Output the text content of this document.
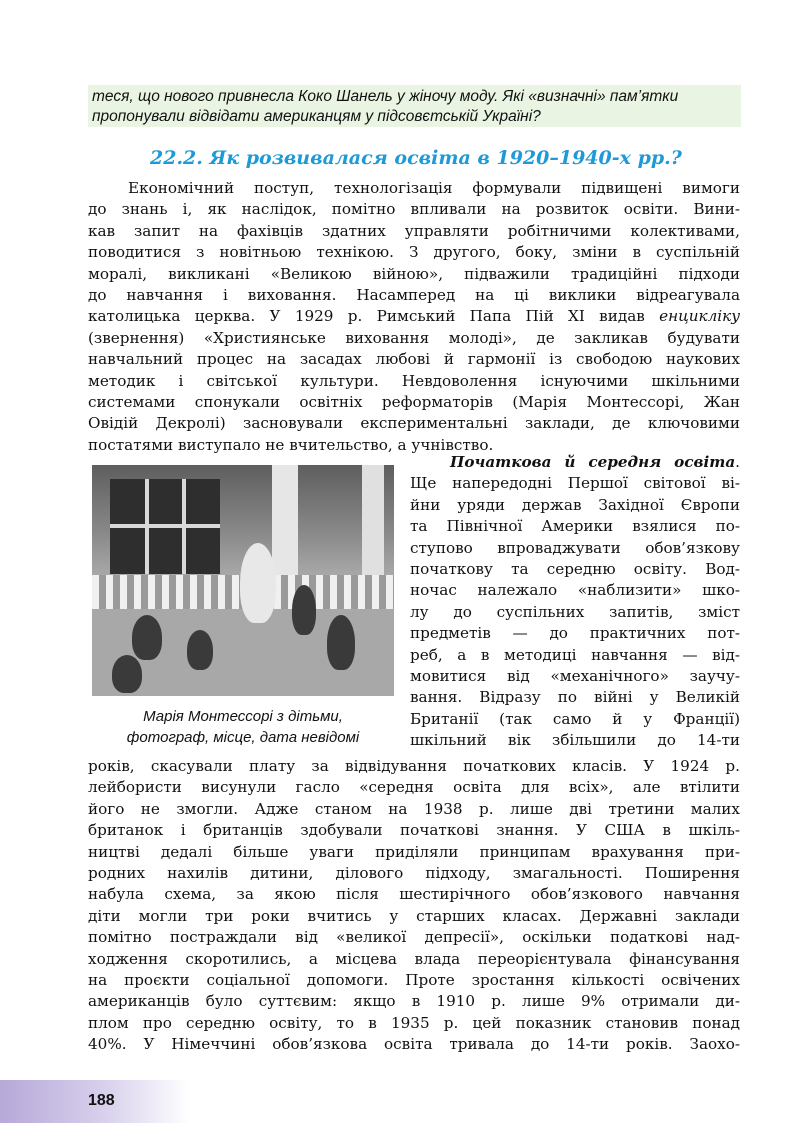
теся, що нового привнесла Коко Шанель у жіночу моду. Які «визначні» пам’ятки
пропонували відвідати американцям у підсовєтській Україні?
22.2. Як розвивалася освіта в 1920–1940-х рр.?
Економічний поступ, технологізація формували підвищені вимоги
до знань і, як наслідок, помітно впливали на розвиток освіти. Вини-
кав запит на фахівців здатних управляти робітничими колективами,
поводитися з новітньою технікою. З другого, боку, зміни в суспільній
моралі, викликані «Великою війною», підважили традиційні підходи
до навчання і виховання. Насамперед на ці виклики відреагувала
католицька церква. У 1929 р. Римський Папа Пій XI видав енцикліку
(звернення) «Християнське виховання молоді», де закликав будувати
навчальний процес на засадах любові й гармонії із свободою наукових
методик і світської культури. Невдоволення існуючими шкільними
системами спонукали освітніх реформаторів (Марія Монтессорі, Жан
Овідій Декролі) засновували експериментальні заклади, де ключовими
постатями виступало не вчительство, а учнівство.
Марія Монтессорі з дітьми,
фотограф, місце, дата невідомі
Початкова й середня освіта.
Ще напередодні Першої світової ві-
йни уряди держав Західної Європи
та Північної Америки взялися по-
ступово впроваджувати обов’язкову
початкову та середню освіту. Вод-
ночас належало «наблизити» шко-
лу до суспільних запитів, зміст
предметів — до практичних пот-
реб, а в методиці навчання — від-
мовитися від «механічного» заучу-
вання. Відразу по війні у Великій
Британії (так само й у Франції)
шкільний вік збільшили до 14-ти
років, скасували плату за відвідування початкових класів. У 1924 р.
лейбористи висунули гасло «середня освіта для всіх», але втілити
його не змогли. Адже станом на 1938 р. лише дві третини малих
британок і британців здобували початкові знання. У США в шкіль-
ництві дедалі більше уваги приділяли принципам врахування при-
родних нахилів дитини, ділового підходу, змагальності. Поширення
набула схема, за якою після шестирічного обов’язкового навчання
діти могли три роки вчитись у старших класах. Державні заклади
помітно постраждали від «великої депресії», оскільки податкові над-
ходження скоротились, а місцева влада переорієнтувала фінансування
на проєкти соціальної допомоги. Проте зростання кількості освічених
американців було суттєвим: якщо в 1910 р. лише 9% отримали ди-
плом про середню освіту, то в 1935 р. цей показник становив понад
40%. У Німеччині обов’язкова освіта тривала до 14-ти років. Заохо-
188
